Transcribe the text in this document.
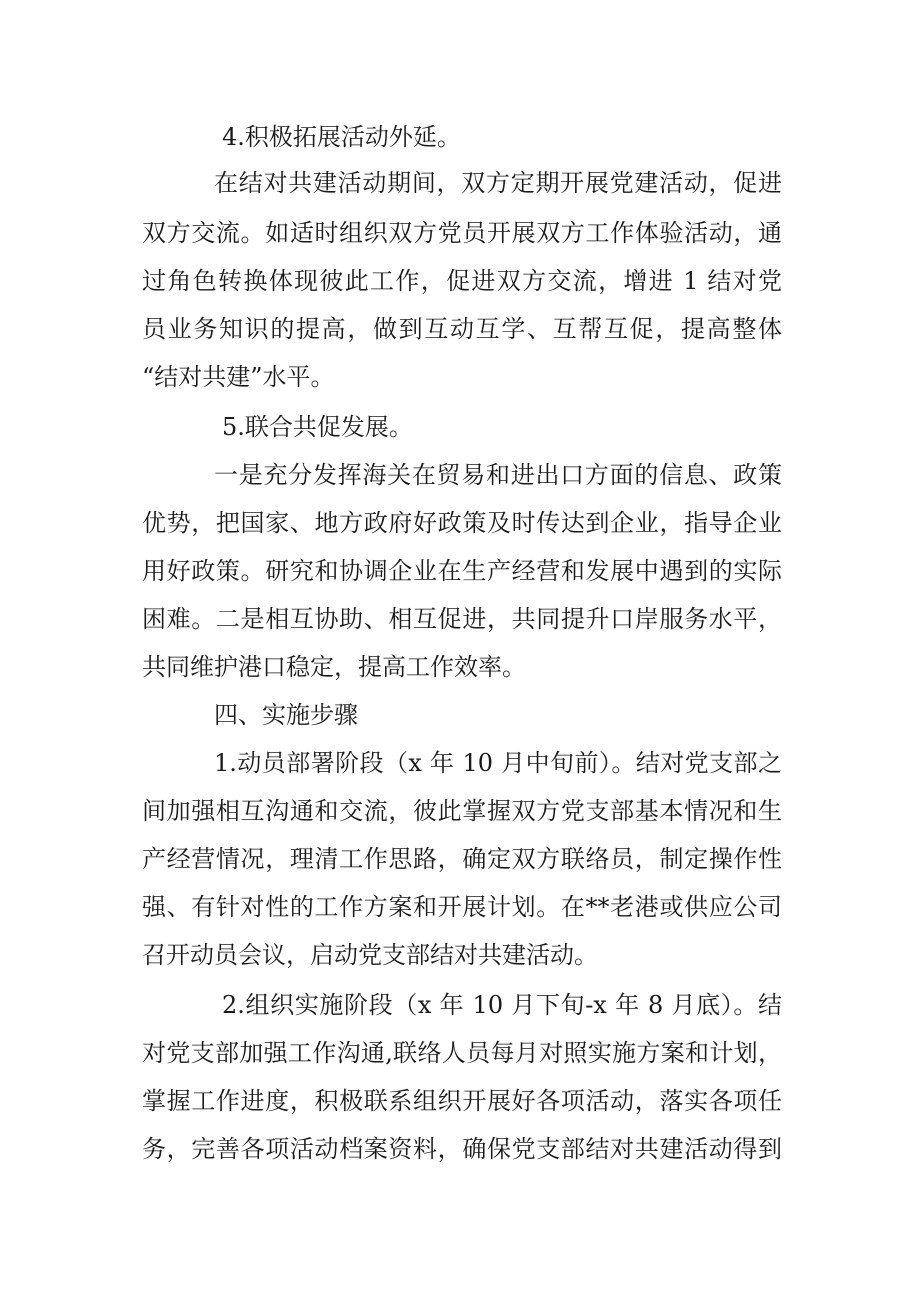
4.积极拓展活动外延。
在结对共建活动期间，双方定期开展党建活动，促进
双方交流。如适时组织双方党员开展双方工作体验活动，通
过角色转换体现彼此工作，促进双方交流，增进 1 结对党
员业务知识的提高，做到互动互学、互帮互促，提高整体
“结对共建”水平。
5.联合共促发展。
一是充分发挥海关在贸易和进出口方面的信息、政策
优势，把国家、地方政府好政策及时传达到企业，指导企业
用好政策。研究和协调企业在生产经营和发展中遇到的实际
困难。二是相互协助、相互促进，共同提升口岸服务水平，
共同维护港口稳定，提高工作效率。
四、实施步骤
1.动员部署阶段（x 年 10 月中旬前）。结对党支部之
间加强相互沟通和交流，彼此掌握双方党支部基本情况和生
产经营情况，理清工作思路，确定双方联络员，制定操作性
强、有针对性的工作方案和开展计划。在**老港或供应公司
召开动员会议，启动党支部结对共建活动。
2.组织实施阶段（x 年 10 月下旬-x 年 8 月底）。结
对党支部加强工作沟通,联络人员每月对照实施方案和计划，
掌握工作进度，积极联系组织开展好各项活动，落实各项任
务，完善各项活动档案资料，确保党支部结对共建活动得到
